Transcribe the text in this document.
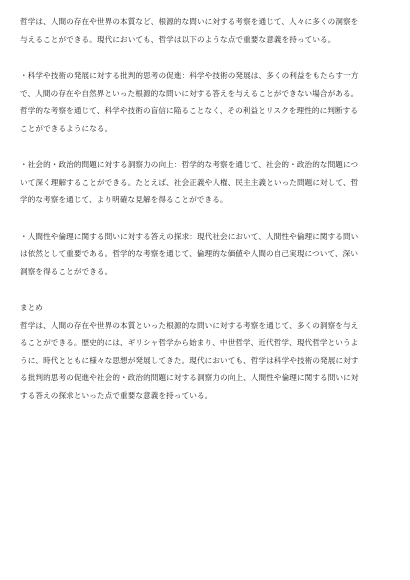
哲学は、人間の存在や世界の本質など、根源的な問いに対する考察を通じて、人々に多くの洞察を
与えることができる。現代においても、哲学は以下のような点で重要な意義を持っている。

・科学や技術の発展に対する批判的思考の促進：科学や技術の発展は、多くの利益をもたらす一方
で、人間の存在や自然界といった根源的な問いに対する答えを与えることができない場合がある。
哲学的な考察を通じて、科学や技術の盲信に陥ることなく、その利益とリスクを理性的に判断する
ことができるようになる。

・社会的・政治的問題に対する洞察力の向上：哲学的な考察を通じて、社会的・政治的な問題につ
いて深く理解することができる。たとえば、社会正義や人権、民主主義といった問題に対して、哲
学的な考察を通じて、より明確な見解を得ることができる。

・人間性や倫理に関する問いに対する答えの探求：現代社会において、人間性や倫理に関する問い
は依然として重要である。哲学的な考察を通じて、倫理的な価値や人間の自己実現について、深い
洞察を得ることができる。

まとめ

哲学は、人間の存在や世界の本質といった根源的な問いに対する考察を通じて、多くの洞察を与え
ることができる。歴史的には、ギリシャ哲学から始まり、中世哲学、近代哲学、現代哲学というよ
うに、時代とともに様々な思想が発展してきた。現代においても、哲学は科学や技術の発展に対す
る批判的思考の促進や社会的・政治的問題に対する洞察力の向上、人間性や倫理に関する問いに対
する答えの探求といった点で重要な意義を持っている。
